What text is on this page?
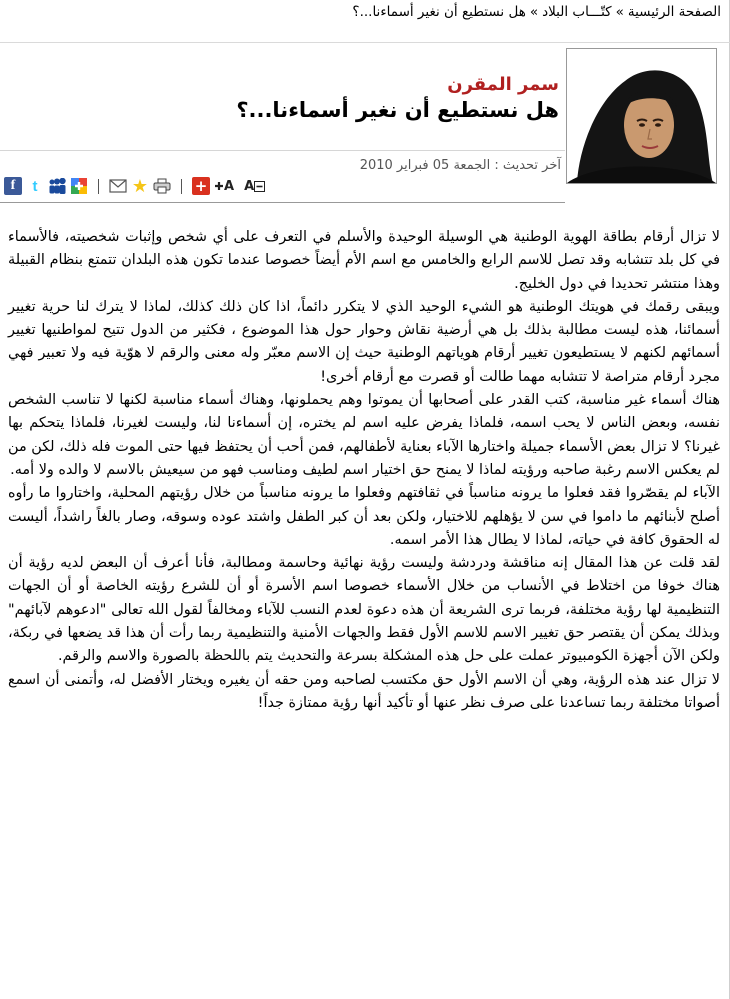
الصفحة الرئيسية»كتّـــاب البلاد»هل نستطيع أن نغير أسماءنا...؟
سمر المقرن
هل نستطيع أن نغير أسماءنا...؟
آخر تحديث : الجمعة 05 فبراير 2010
f	t	★	+ A A

لا تزال أرقام بطاقة الهوية الوطنية هي الوسيلة الوحيدة والأسلم في التعرف على أي شخص وإثبات شخصيته، فالأسماء في كل بلد تتشابه وقد تصل للاسم الرابع والخامس مع اسم الأم أيضاً خصوصا عندما تكون هذه البلدان تتمتع بنظام القبيلة وهذا منتشر تحديدا في دول الخليج.

ويبقى رقمك في هويتك الوطنية هو الشيء الوحيد الذي لا يتكرر دائماً، اذا كان ذلك كذلك، لماذا لا يترك لنا حرية تغيير أسمائنا، هذه ليست مطالبة بذلك بل هي أرضية نقاش وحوار حول هذا الموضوع ، فكثير من الدول تتيح لمواطنيها تغيير أسمائهم لكنهم لا يستطيعون تغيير أرقام هوياتهم الوطنية حيث إن الاسم معبّر وله معنى والرقم لا هوّية فيه ولا تعبير فهي مجرد أرقام متراصة لا تتشابه مهما طالت أو قصرت مع أرقام أخرى!

هناك أسماء غير مناسبة، كتب القدر على أصحابها أن يموتوا وهم يحملونها، وهناك أسماء مناسبة لكنها لا تناسب الشخص نفسه، وبعض الناس لا يحب اسمه، فلماذا يفرض عليه اسم لم يختره، إن أسماءنا لنا، وليست لغيرنا، فلماذا يتحكم بها غيرنا؟ لا تزال بعض الأسماء جميلة واختارها الآباء بعناية لأطفالهم، فمن أحب أن يحتفظ فيها حتى الموت فله ذلك، لكن من لم يعكس الاسم رغبة صاحبه ورؤيته لماذا لا يمنح حق اختيار اسم لطيف ومناسب فهو من سيعيش بالاسم لا والده ولا أمه.

الآباء لم يقصّروا فقد فعلوا ما يرونه مناسباً في ثقافتهم وفعلوا ما يرونه مناسباً من خلال رؤيتهم المحلية، واختاروا ما رأوه أصلح لأبنائهم ما داموا في سن لا يؤهلهم للاختيار، ولكن بعد أن كبر الطفل واشتد عوده وسوقه، وصار بالغاً راشداً، أليست له الحقوق كافة في حياته، لماذا لا يطال هذا الأمر اسمه.

لقد قلت عن هذا المقال إنه مناقشة ودردشة وليست رؤية نهائية وحاسمة ومطالبة، فأنا أعرف أن البعض لديه رؤية أن هناك خوفا من اختلاط في الأنساب من خلال الأسماء خصوصا اسم الأسرة أو أن للشرع رؤيته الخاصة أو أن الجهات التنظيمية لها رؤية مختلفة، فربما ترى الشريعة أن هذه دعوة لعدم النسب للآباء ومخالفاً لقول الله تعالى "ادعوهم لآبائهم" وبذلك يمكن أن يقتصر حق تغيير الاسم للاسم الأول فقط والجهات الأمنية والتنظيمية ربما رأت أن هذا قد يضعها في ربكة، ولكن الآن أجهزة الكومبيوتر عملت على حل هذه المشكلة بسرعة والتحديث يتم باللحظة بالصورة والاسم والرقم.

لا تزال عند هذه الرؤية، وهي أن الاسم الأول حق مكتسب لصاحبه ومن حقه أن يغيره ويختار الأفضل له، وأتمنى أن اسمع أصواتا مختلفة ربما تساعدنا على صرف نظر عنها أو تأكيد أنها رؤية ممتازة جداً!
